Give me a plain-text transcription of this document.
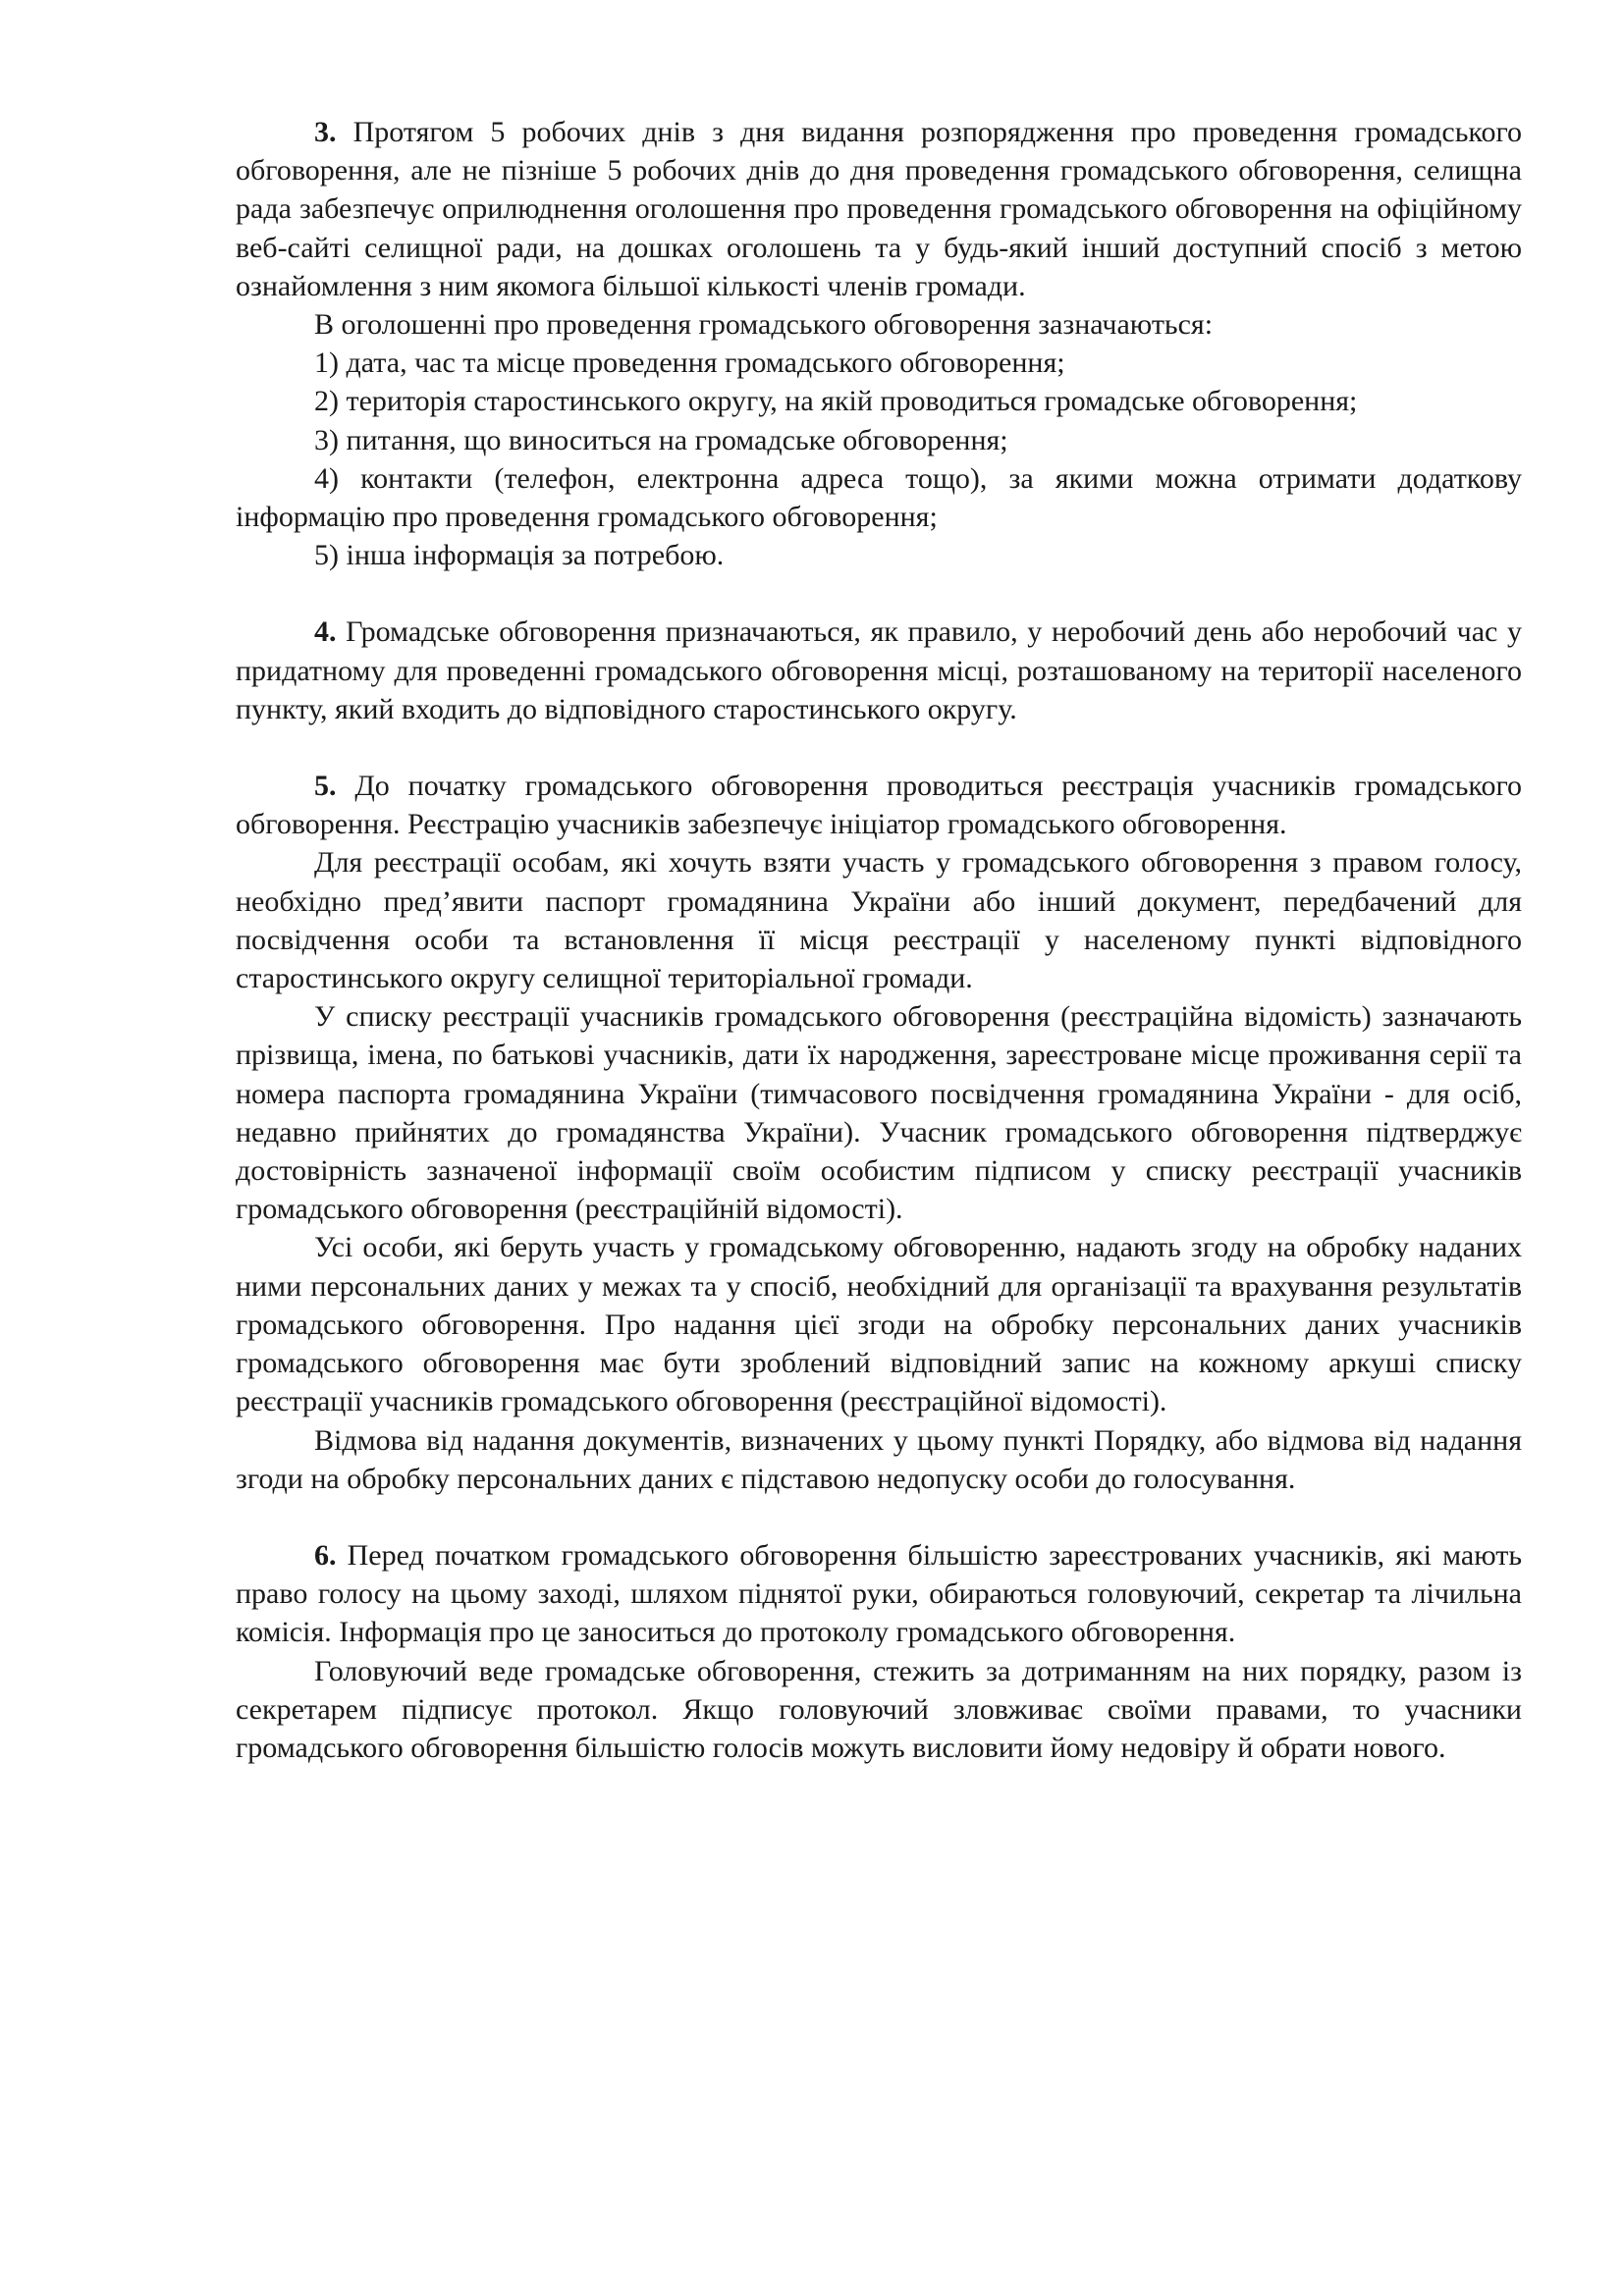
3. Протягом 5 робочих днів з дня видання розпорядження про проведення громадського обговорення, але не пізніше 5 робочих днів до дня проведення громадського обговорення, селищна рада забезпечує оприлюднення оголошення про проведення громадського обговорення на офіційному веб-сайті селищної ради, на дошках оголошень та у будь-який інший доступний спосіб з метою ознайомлення з ним якомога більшої кількості членів громади.

В оголошенні про проведення громадського обговорення зазначаються:

1) дата, час та місце проведення громадського обговорення;

2) територія старостинського округу, на якій проводиться громадське обговорення;

3) питання, що виноситься на громадське обговорення;

4) контакти (телефон, електронна адреса тощо), за якими можна отримати додаткову інформацію про проведення громадського обговорення;

5) інша інформація за потребою.

4. Громадське обговорення призначаються, як правило, у неробочий день або неробочий час у придатному для проведенні громадського обговорення місці, розташованому на території населеного пункту, який входить до відповідного старостинського округу.

5. До початку громадського обговорення проводиться реєстрація учасників громадського обговорення. Реєстрацію учасників забезпечує ініціатор громадського обговорення.

Для реєстрації особам, які хочуть взяти участь у громадського обговорення з правом голосу, необхідно пред’явити паспорт громадянина України або інший документ, передбачений для посвідчення особи та встановлення її місця реєстрації у населеному пункті відповідного старостинського округу селищної територіальної громади.

У списку реєстрації учасників громадського обговорення (реєстраційна відомість) зазначають прізвища, імена, по батькові учасників, дати їх народження, зареєстроване місце проживання серії та номера паспорта громадянина України (тимчасового посвідчення громадянина України - для осіб, недавно прийнятих до громадянства України). Учасник громадського обговорення підтверджує достовірність зазначеної інформації своїм особистим підписом у списку реєстрації учасників громадського обговорення (реєстраційній відомості).

Усі особи, які беруть участь у громадському обговоренню, надають згоду на обробку наданих ними персональних даних у межах та у спосіб, необхідний для організації та врахування результатів громадського обговорення. Про надання цієї згоди на обробку персональних даних учасників громадського обговорення має бути зроблений відповідний запис на кожному аркуші списку реєстрації учасників громадського обговорення (реєстраційної відомості).

Відмова від надання документів, визначених у цьому пункті Порядку, або відмова від надання згоди на обробку персональних даних є підставою недопуску особи до голосування.

6. Перед початком громадського обговорення більшістю зареєстрованих учасників, які мають право голосу на цьому заході, шляхом піднятої руки, обираються головуючий, секретар та лічильна комісія. Інформація про це заноситься до протоколу громадського обговорення.

Головуючий веде громадське обговорення, стежить за дотриманням на них порядку, разом із секретарем підписує протокол. Якщо головуючий зловживає своїми правами, то учасники громадського обговорення більшістю голосів можуть висловити йому недовіру й обрати нового.
